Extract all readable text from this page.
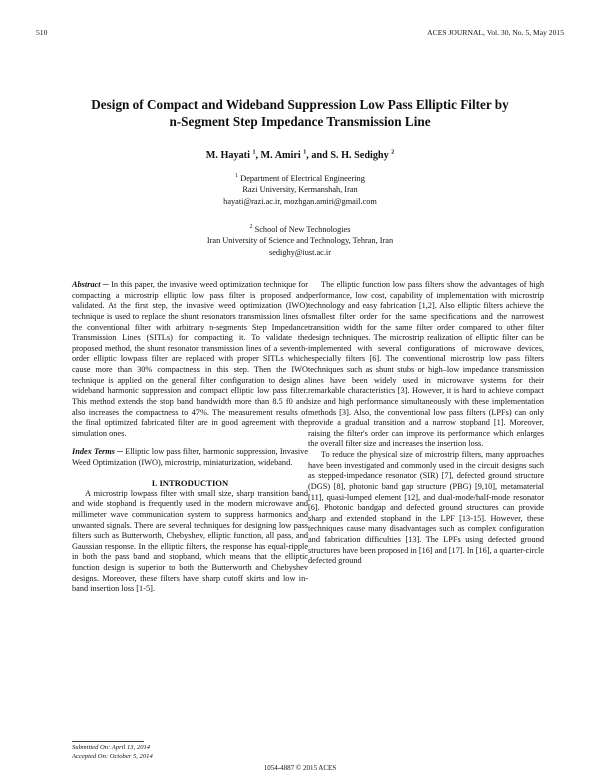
510	ACES JOURNAL, Vol. 30, No. 5, May 2015
Design of Compact and Wideband Suppression Low Pass Elliptic Filter by
n-Segment Step Impedance Transmission Line
M. Hayati $^1$, M. Amiri $^1$, and S. H. Sedighy $^2$
$^1$ Department of Electrical Engineering
Razi University, Kermanshah, Iran
hayati@razi.ac.ir, mozhgan.amiri@gmail.com
$^2$ School of New Technologies
Iran University of Science and Technology, Tehran, Iran
sedighy@iust.ac.ir

Abstract ─ In this paper, the invasive weed optimization technique for compacting a microstrip elliptic low pass filter is proposed and validated. At the first step, the invasive weed optimization (IWO) technique is used to replace the shunt resonators transmission lines of the conventional filter with arbitrary n-segments Step Impedance Transmission Lines (SITLs) for compacting it. To validate the proposed method, the shunt resonator transmission lines of a seventh-order elliptic lowpass filter are replaced with proper SITLs which cause more than 30% compactness in this step. Then the IWO technique is applied on the general filter configuration to design a wideband harmonic suppression and compact elliptic low pass filter. This method extends the stop band bandwidth more than 8.5 f0 and also increases the compactness to 47%. The measurement results of the final optimized fabricated filter are in good agreement with the simulation ones.

Index Terms ─ Elliptic low pass filter, harmonic suppression, Invasive Weed Optimization (IWO), microstrip, miniaturization, wideband.

I. INTRODUCTION

A microstrip lowpass filter with small size, sharp transition band and wide stopband is frequently used in the modern microwave and millimeter wave communication system to suppress harmonics and unwanted signals. There are several techniques for designing low pass filters such as Butterworth, Chebyshev, elliptic function, all pass, and Gaussian response. In the elliptic filters, the response has equal-ripple in both the pass band and stopband, which means that the elliptic function design is superior to both the Butterworth and Chebyshev designs. Moreover, these filters have sharp cutoff skirts and low in-band insertion loss [1-5].

The elliptic function low pass filters show the advantages of high performance, low cost, capability of implementation with microstrip technology and easy fabrication [1,2]. Also elliptic filters achieve the smallest filter order for the same specifications and the narrowest transition width for the same filter order compared to other filter design techniques. The microstrip realization of elliptic filter can be implemented with several configurations of microwave devices, especially filters [6]. The conventional microstrip low pass filters techniques such as shunt stubs or high–low impedance transmission lines have been widely used in microwave systems for their remarkable characteristics [3]. However, it is hard to achieve compact size and high performance simultaneously with these implementation methods [3]. Also, the conventional low pass filters (LPFs) can only provide a gradual transition and a narrow stopband [1]. Moreover, raising the filter's order can improve its performance which enlarges the overall filter size and increases the insertion loss.

To reduce the physical size of microstrip filters, many approaches have been investigated and commonly used in the circuit designs such as stepped-impedance resonator (SIR) [7], defected ground structure (DGS) [8], photonic band gap structure (PBG) [9,10], metamaterial [11], quasi-lumped element [12], and dual-mode/half-mode resonator [6]. Photonic bandgap and defected ground structures can provide sharp and extended stopband in the LPF [13-15]. However, these techniques cause many disadvantages such as complex configuration and fabrication difficulties [13]. The LPFs using defected ground structures have been proposed in [16] and [17]. In [16], a quarter-circle defected ground

Submitted On: April 13, 2014
Accepted On: October 5, 2014
1054-4887 © 2015 ACES
